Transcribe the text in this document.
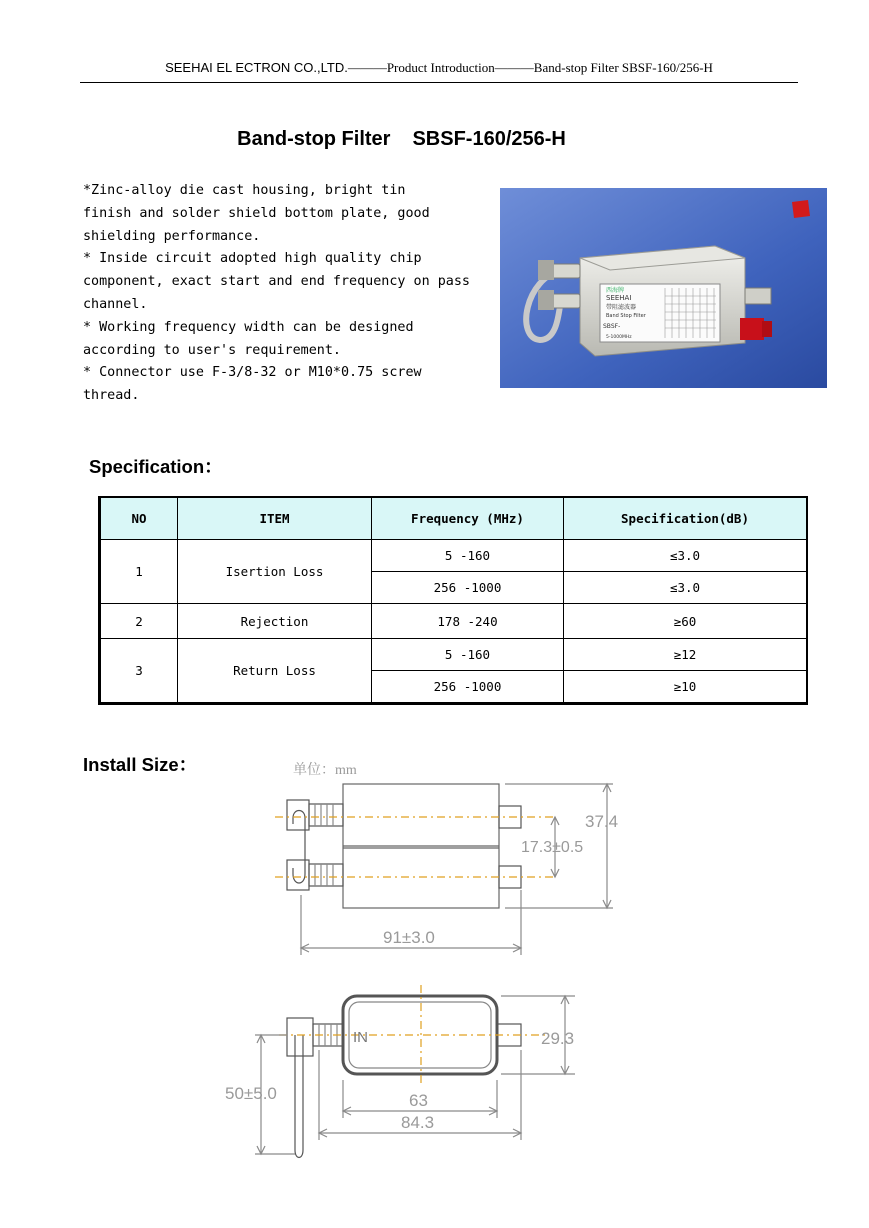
SEEHAI EL ECTRON CO.,LTD.———Product Introduction———Band-stop Filter SBSF-160/256-H
Band-stop Filter SBSF-160/256-H
*Zinc-alloy die cast housing, bright tin
finish and solder shield bottom plate, good
shielding performance.
* Inside circuit adopted high quality chip
component, exact start and end frequency on pass
channel.
* Working frequency width can be designed
according to user's requirement.
* Connector use F-3/8-32 or M10*0.75 screw
thread.
西海牌
SEEHAI
带阻滤波器
Band Stop Filter
SBSF-
5-1000MHz
Specification：
NO	ITEM	Frequency (MHz)	Specification(dB)
1	Isertion Loss	5 -160	≤3.0
		256 -1000	≤3.0
2	Rejection	178 -240	≥60
3	Return Loss	5 -160	≥12
		256 -1000	≥10
Install Size：	单位：mm
37.4
17.3±0.5
91±3.0
IN	29.3
50±5.0	63
84.3
